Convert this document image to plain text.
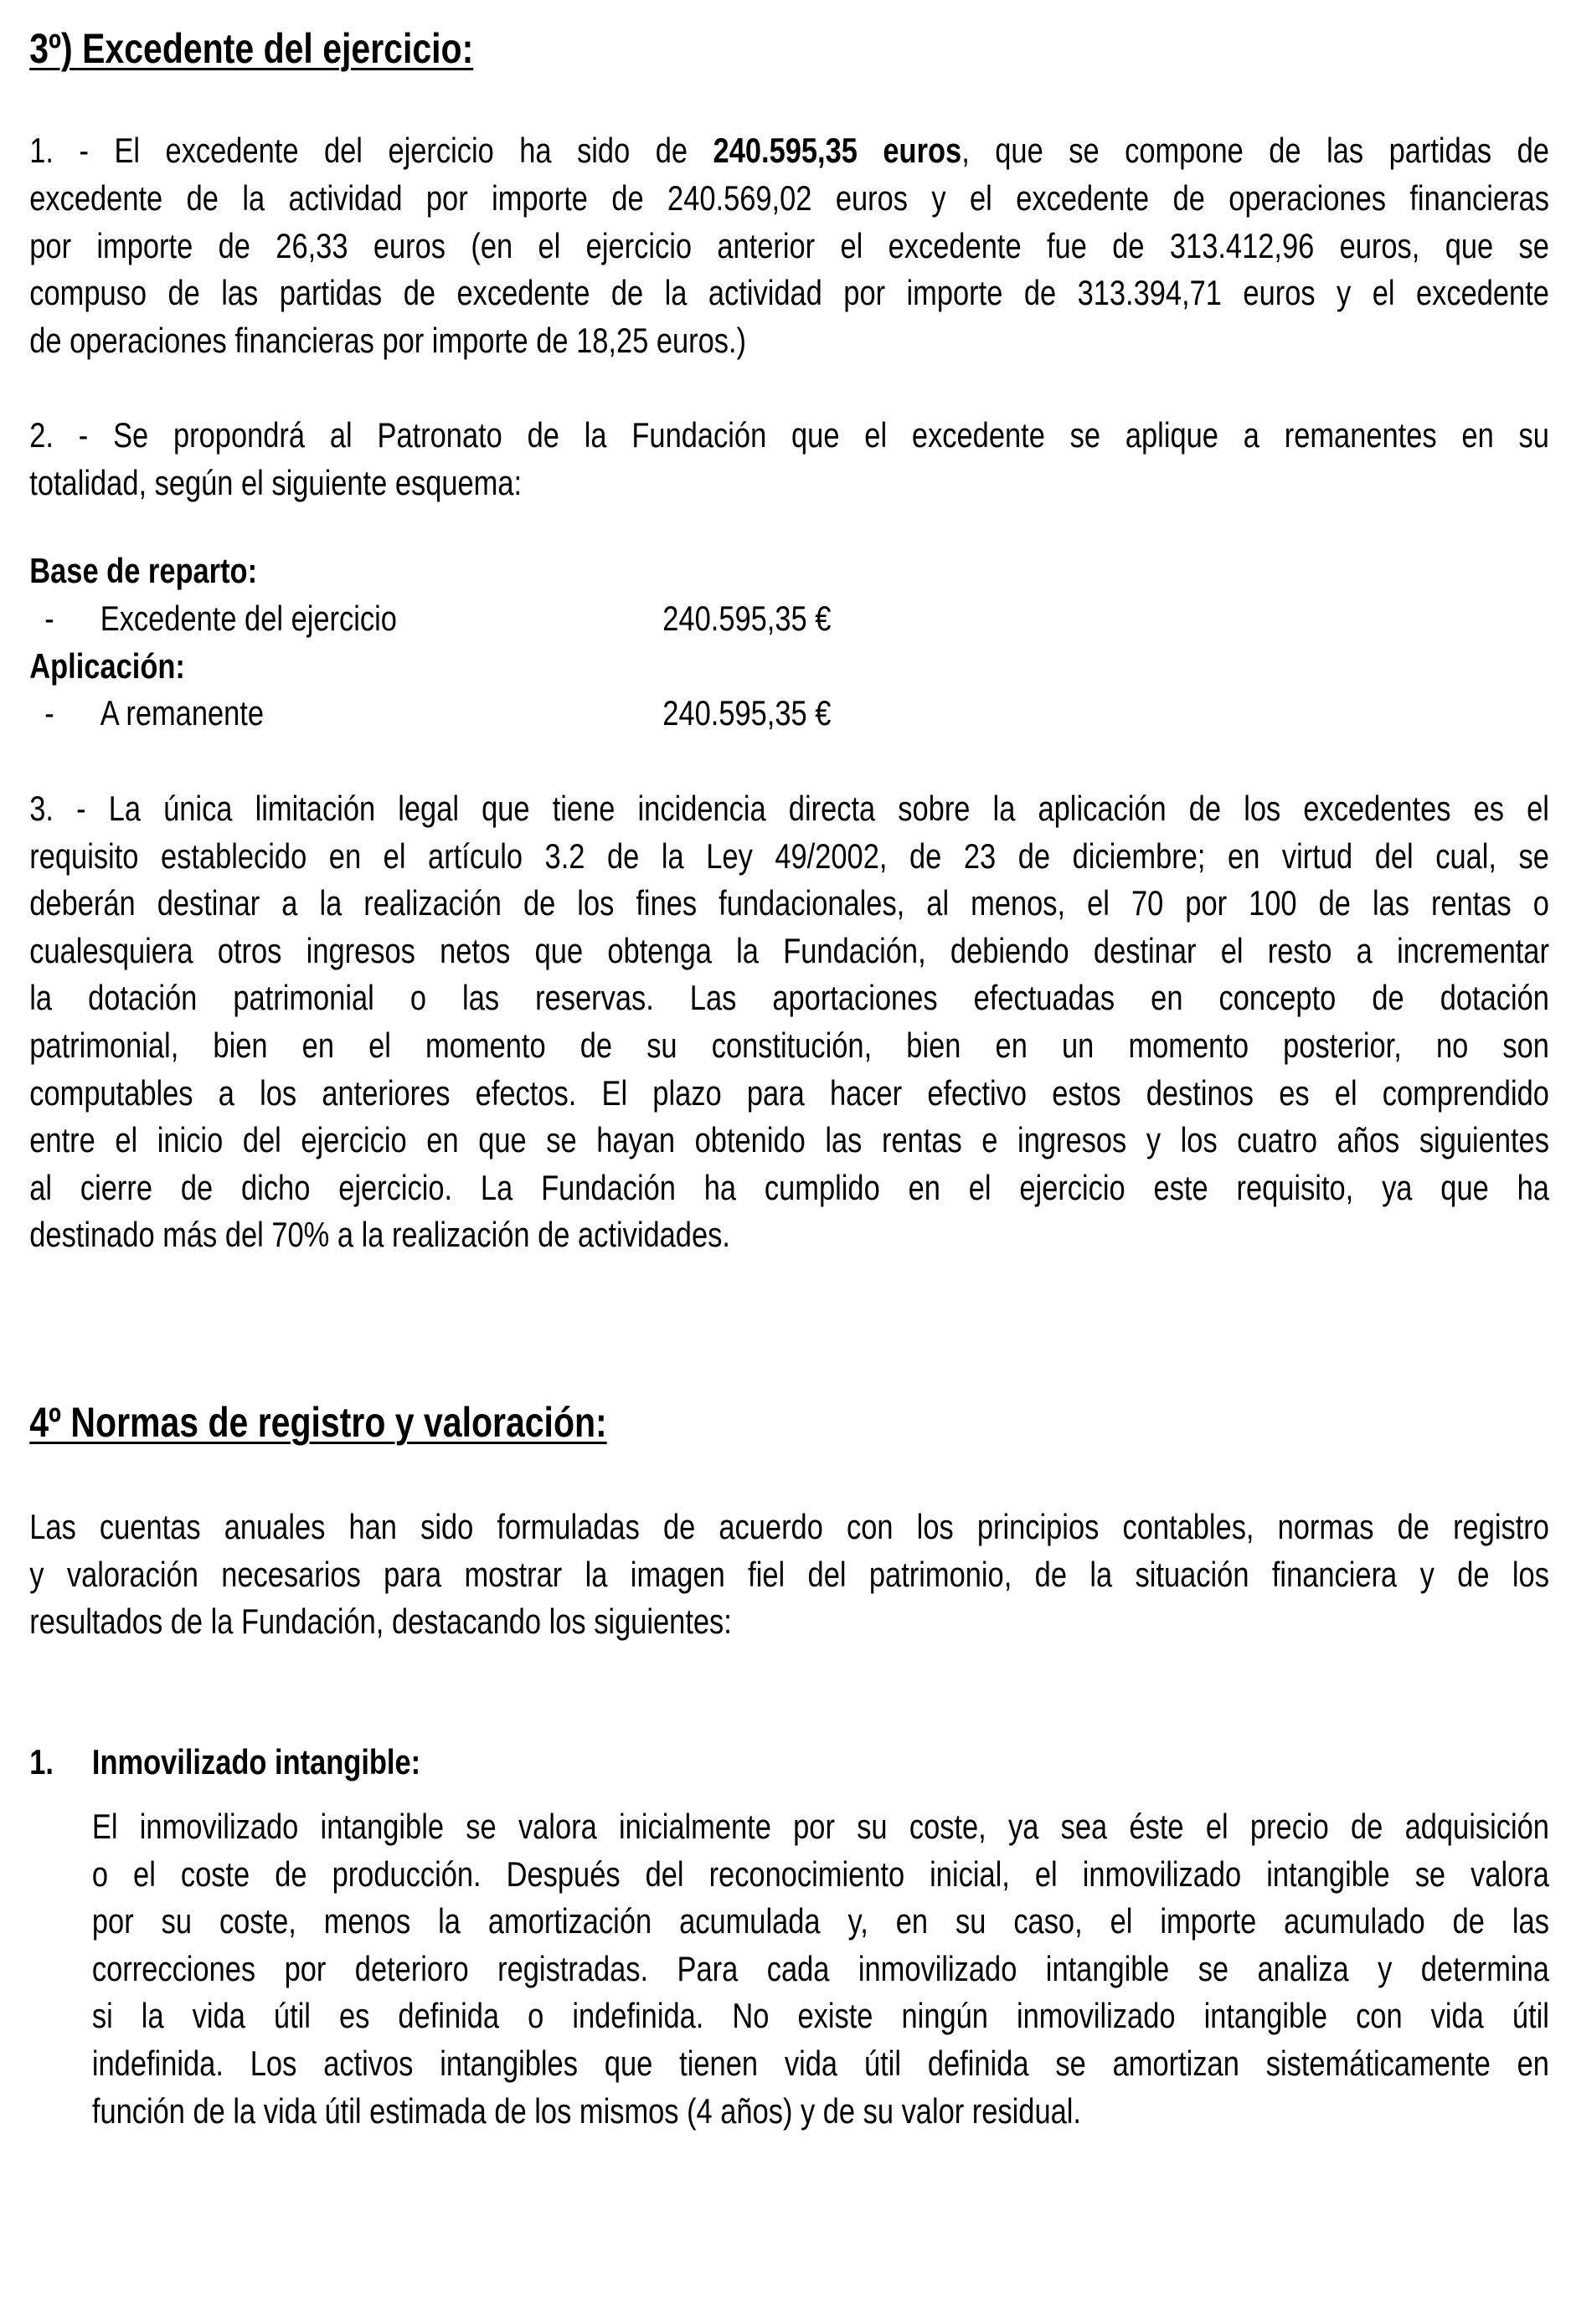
3º) Excedente del ejercicio:
1. - El excedente del ejercicio ha sido de 240.595,35 euros, que se compone de las partidas de
excedente de la actividad por importe de 240.569,02 euros y el excedente de operaciones financieras
por importe de 26,33 euros (en el ejercicio anterior el excedente fue de 313.412,96 euros, que se
compuso de las partidas de excedente de la actividad por importe de 313.394,71 euros y el excedente
de operaciones financieras por importe de 18,25 euros.)
2. - Se propondrá al Patronato de la Fundación que el excedente se aplique a remanentes en su
totalidad, según el siguiente esquema:
Base de reparto:
- Excedente del ejercicio	240.595,35 €
Aplicación:
- A remanente	240.595,35 €
3. - La única limitación legal que tiene incidencia directa sobre la aplicación de los excedentes es el
requisito establecido en el artículo 3.2 de la Ley 49/2002, de 23 de diciembre; en virtud del cual, se
deberán destinar a la realización de los fines fundacionales, al menos, el 70 por 100 de las rentas o
cualesquiera otros ingresos netos que obtenga la Fundación, debiendo destinar el resto a incrementar
la dotación patrimonial o las reservas. Las aportaciones efectuadas en concepto de dotación
patrimonial, bien en el momento de su constitución, bien en un momento posterior, no son
computables a los anteriores efectos. El plazo para hacer efectivo estos destinos es el comprendido
entre el inicio del ejercicio en que se hayan obtenido las rentas e ingresos y los cuatro años siguientes
al cierre de dicho ejercicio. La Fundación ha cumplido en el ejercicio este requisito, ya que ha
destinado más del 70% a la realización de actividades.
4º Normas de registro y valoración:
Las cuentas anuales han sido formuladas de acuerdo con los principios contables, normas de registro
y valoración necesarios para mostrar la imagen fiel del patrimonio, de la situación financiera y de los
resultados de la Fundación, destacando los siguientes:
1. Inmovilizado intangible:
El inmovilizado intangible se valora inicialmente por su coste, ya sea éste el precio de adquisición
o el coste de producción. Después del reconocimiento inicial, el inmovilizado intangible se valora
por su coste, menos la amortización acumulada y, en su caso, el importe acumulado de las
correcciones por deterioro registradas. Para cada inmovilizado intangible se analiza y determina
si la vida útil es definida o indefinida. No existe ningún inmovilizado intangible con vida útil
indefinida. Los activos intangibles que tienen vida útil definida se amortizan sistemáticamente en
función de la vida útil estimada de los mismos (4 años) y de su valor residual.
